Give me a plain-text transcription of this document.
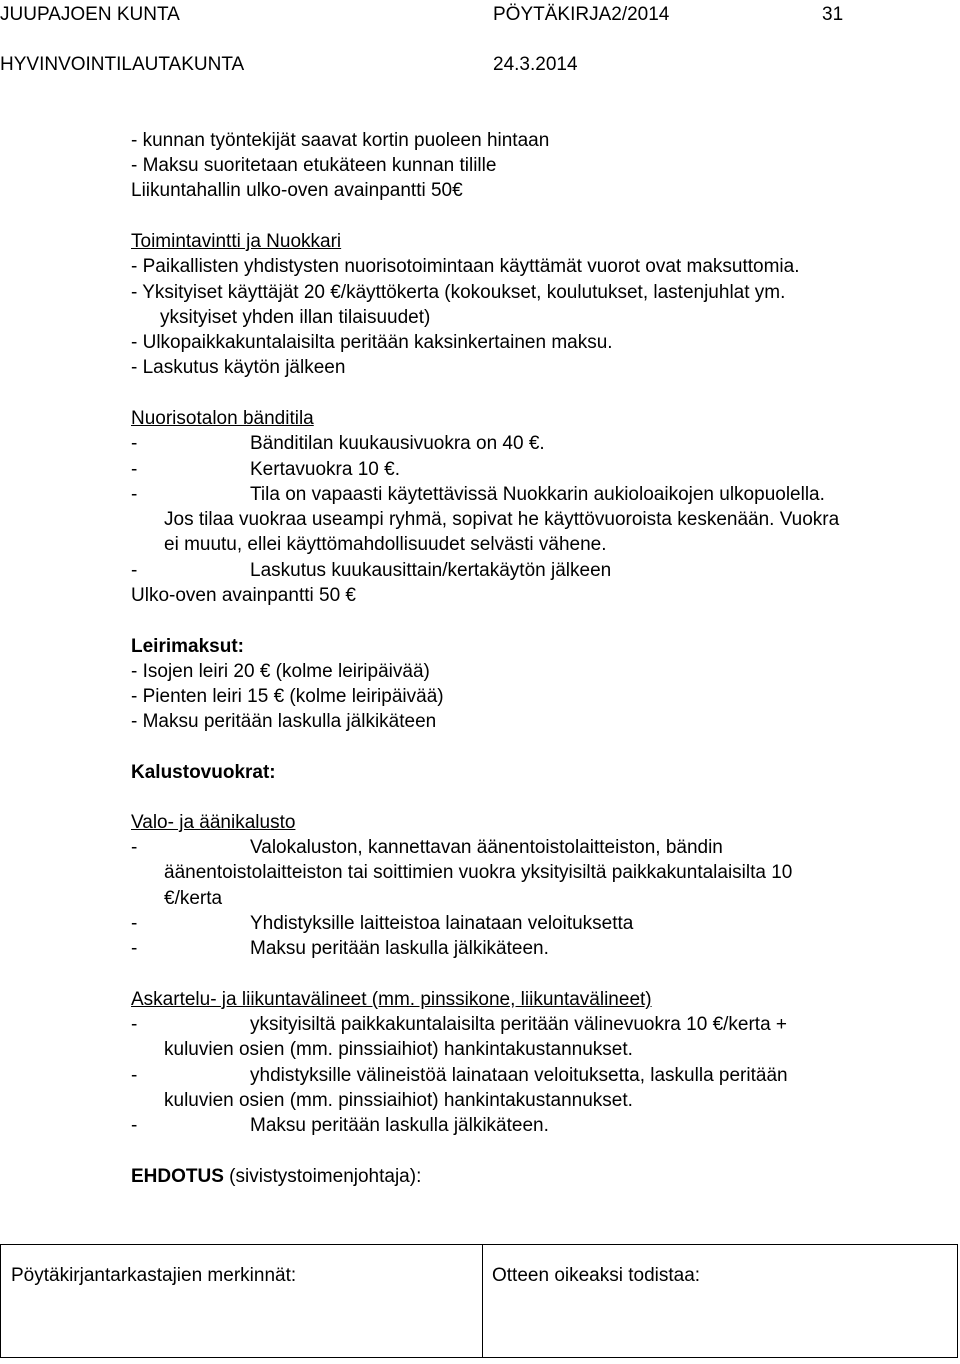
JUUPAJOEN KUNTA	PÖYTÄKIRJA2/2014	31
HYVINVOINTILAUTAKUNTA	24.3.2014
- kunnan työntekijät saavat kortin puoleen hintaan
- Maksu suoritetaan etukäteen kunnan tilille
Liikuntahallin ulko-oven avainpantti 50€
Toimintavintti ja Nuokkari
- Paikallisten yhdistysten nuorisotoimintaan käyttämät vuorot ovat maksuttomia.
- Yksityiset käyttäjät 20 €/käyttökerta (kokoukset, koulutukset, lastenjuhlat ym.
yksityiset yhden illan tilaisuudet)
- Ulkopaikkakuntalaisilta peritään kaksinkertainen maksu.
- Laskutus käytön jälkeen
Nuorisotalon bänditila
-	Bänditilan kuukausivuokra on 40 €.
-	Kertavuokra 10 €.
-	Tila on vapaasti käytettävissä Nuokkarin aukioloaikojen ulkopuolella.
Jos tilaa vuokraa useampi ryhmä, sopivat he käyttövuoroista keskenään. Vuokra
ei muutu, ellei käyttömahdollisuudet selvästi vähene.
-	Laskutus kuukausittain/kertakäytön jälkeen
Ulko-oven avainpantti 50 €
Leirimaksut:
- Isojen leiri 20 € (kolme leiripäivää)
- Pienten leiri 15 € (kolme leiripäivää)
- Maksu peritään laskulla jälkikäteen
Kalustovuokrat:
Valo- ja äänikalusto
-	Valokaluston, kannettavan äänentoistolaitteiston, bändin
äänentoistolaitteiston tai soittimien vuokra yksityisiltä paikkakuntalaisilta 10
€/kerta
-	Yhdistyksille laitteistoa lainataan veloituksetta
-	Maksu peritään laskulla jälkikäteen.
Askartelu- ja liikuntavälineet (mm. pinssikone, liikuntavälineet)
-	yksityisiltä paikkakuntalaisilta peritään välinevuokra 10 €/kerta +
kuluvien osien (mm. pinssiaihiot) hankintakustannukset.
-	yhdistyksille välineistöä lainataan veloituksetta, laskulla peritään
kuluvien osien (mm. pinssiaihiot) hankintakustannukset.
-	Maksu peritään laskulla jälkikäteen.
EHDOTUS (sivistystoimenjohtaja):
Pöytäkirjantarkastajien merkinnät:	Otteen oikeaksi todistaa:
